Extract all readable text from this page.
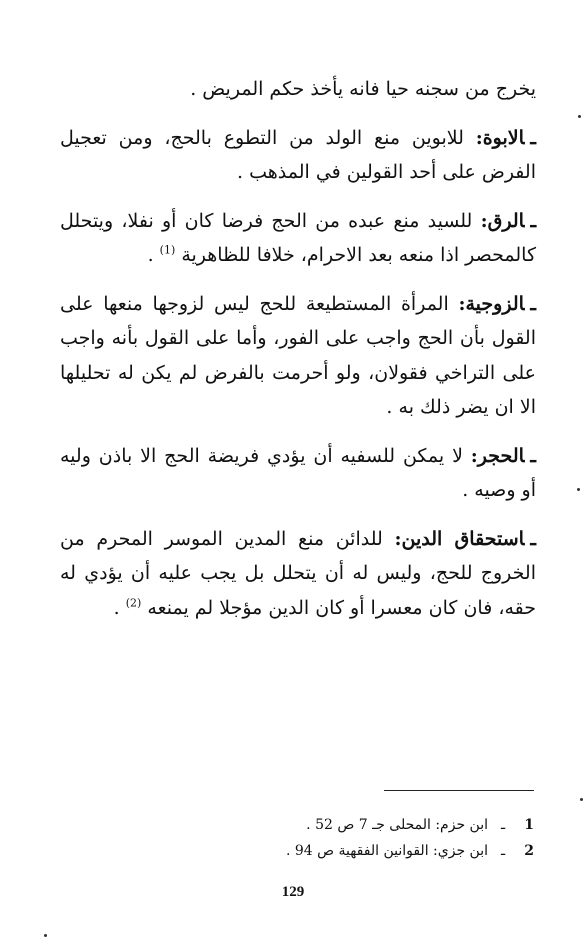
يخرج من سجنه حيا فانه يأخذ حكم المريض .

ـالابوة: للابوين منع الولد من التطوع بالحج، ومن تعجيل الفرض على أحد القولين في المذهب .

ـالرق: للسيد منع عبده من الحج فرضا كان أو نفلا، ويتحلل كالمحصر اذا منعه بعد الاحرام، خلافا للظاهرية $^{(1)}$ .

ـالزوجية: المرأة المستطيعة للحج ليس لزوجها منعها على القول بأن الحج واجب على الفور، وأما على القول بأنه واجب على التراخي فقولان، ولو أحرمت بالفرض لم يكن له تحليلها الا ان يضر ذلك به .

ـالحجر: لا يمكن للسفيه أن يؤدي فريضة الحج الا باذن وليه أو وصيه .

ـاستحقاق الدين: للدائن منع المدين الموسر المحرم من الخروج للحج، وليس له أن يتحلل بل يجب عليه أن يؤدي له حقه، فان كان معسرا أو كان الدين مؤجلا لم يمنعه $^{(2)}$ .

1
ـ
ابن حزم: المحلى جـ 7 ص 52 .
2
ـ
ابن جزي: القوانين الفقهية ص 94 .
129
